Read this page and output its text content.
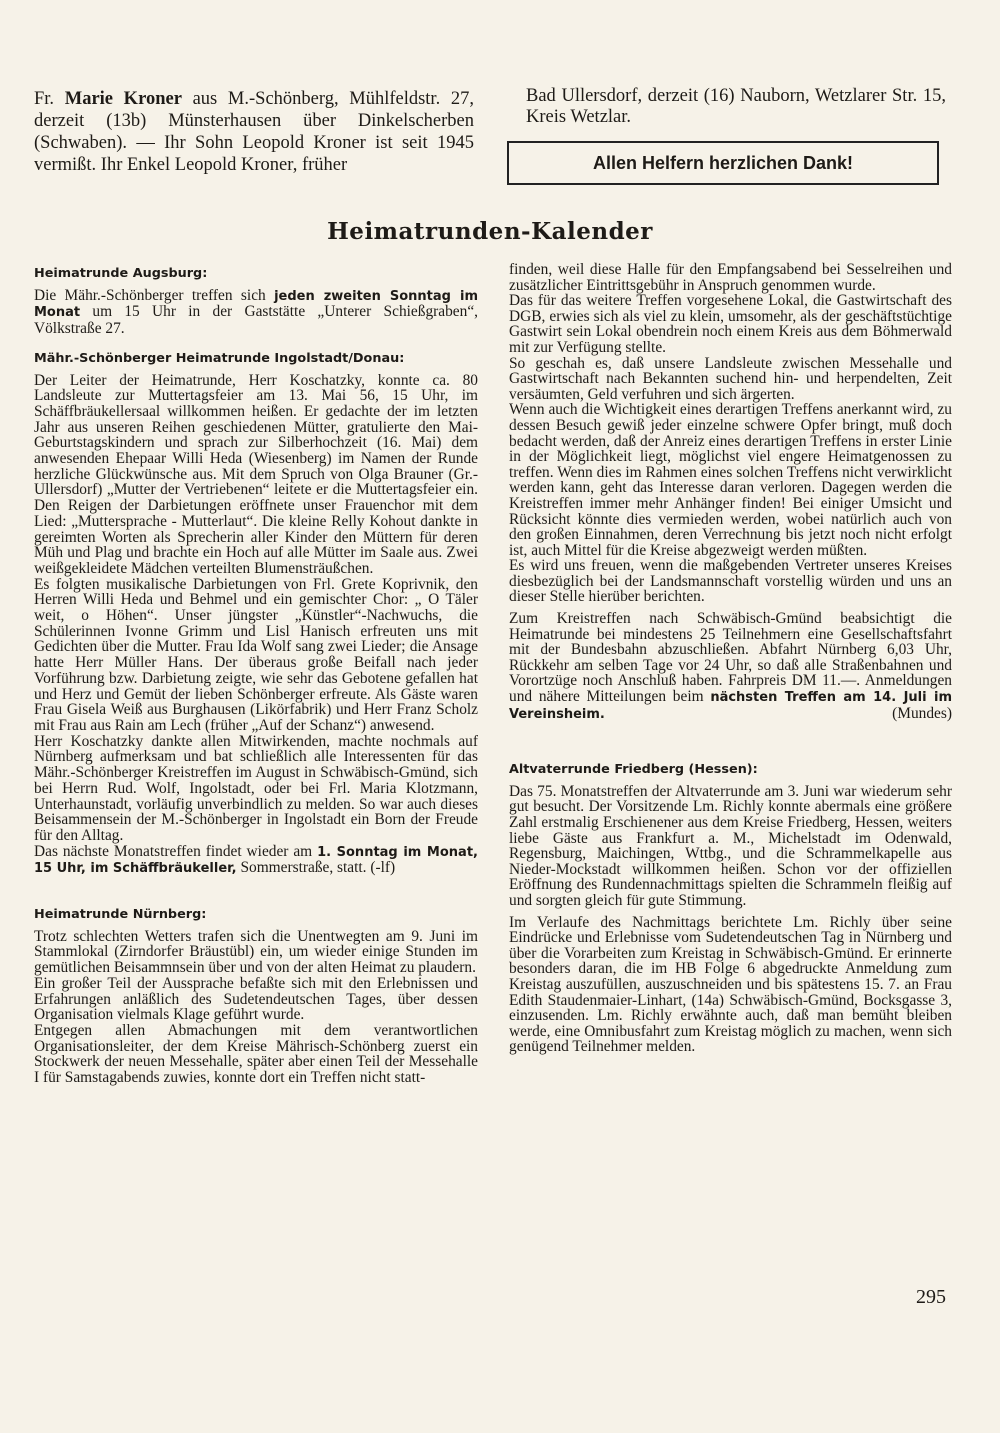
Fr. Marie Kroner aus M.-Schönberg, Mühlfeldstr. 27, derzeit (13b) Münsterhausen über Dinkelscherben (Schwaben). — Ihr Sohn Leopold Kroner ist seit 1945 vermißt. Ihr Enkel Leopold Kroner, früher

Bad Ullersdorf, derzeit (16) Nauborn, Wetzlarer Str. 15, Kreis Wetzlar.

Allen Helfern herzlichen Dank!
Heimatrunden-Kalender
Heimatrunde Augsburg:

Die Mähr.-Schönberger treffen sich jeden zweiten Sonntag im Monat um 15 Uhr in der Gaststätte „Unterer Schießgraben“, Völkstraße 27.

Mähr.-Schönberger Heimatrunde Ingolstadt/Donau:

Der Leiter der Heimatrunde, Herr Koschatzky, konnte ca. 80 Landsleute zur Muttertagsfeier am 13. Mai 56, 15 Uhr, im Schäffbräukellersaal willkommen heißen. Er gedachte der im letzten Jahr aus unseren Reihen geschiedenen Mütter, gratulierte den Mai-Geburtstagskindern und sprach zur Silberhochzeit (16. Mai) dem anwesenden Ehepaar Willi Heda (Wiesenberg) im Namen der Runde herzliche Glückwünsche aus. Mit dem Spruch von Olga Brauner (Gr.-Ullersdorf) „Mutter der Vertriebenen“ leitete er die Muttertagsfeier ein. Den Reigen der Darbietungen eröffnete unser Frauenchor mit dem Lied: „Muttersprache - Mutterlaut“. Die kleine Relly Kohout dankte in gereimten Worten als Sprecherin aller Kinder den Müttern für deren Müh und Plag und brachte ein Hoch auf alle Mütter im Saale aus. Zwei weißgekleidete Mädchen verteilten Blumensträußchen.

Es folgten musikalische Darbietungen von Frl. Grete Koprivnik, den Herren Willi Heda und Behmel und ein gemischter Chor: „ O Täler weit, o Höhen“. Unser jüngster „Künstler“-Nachwuchs, die Schülerinnen Ivonne Grimm und Lisl Hanisch erfreuten uns mit Gedichten über die Mutter. Frau Ida Wolf sang zwei Lieder; die Ansage hatte Herr Müller Hans. Der überaus große Beifall nach jeder Vorführung bzw. Darbietung zeigte, wie sehr das Gebotene gefallen hat und Herz und Gemüt der lieben Schönberger erfreute. Als Gäste waren Frau Gisela Weiß aus Burghausen (Likörfabrik) und Herr Franz Scholz mit Frau aus Rain am Lech (früher „Auf der Schanz“) anwesend.

Herr Koschatzky dankte allen Mitwirkenden, machte nochmals auf Nürnberg aufmerksam und bat schließlich alle Interessenten für das Mähr.-Schönberger Kreistreffen im August in Schwäbisch-Gmünd, sich bei Herrn Rud. Wolf, Ingolstadt, oder bei Frl. Maria Klotzmann, Unterhaunstadt, vorläufig unverbindlich zu melden. So war auch dieses Beisammensein der M.-Schönberger in Ingolstadt ein Born der Freude für den Alltag.

Das nächste Monatstreffen findet wieder am 1. Sonntag im Monat, 15 Uhr, im Schäffbräukeller, Sommerstraße, statt. (-lf)

Heimatrunde Nürnberg:

Trotz schlechten Wetters trafen sich die Unentwegten am 9. Juni im Stammlokal (Zirndorfer Bräustübl) ein, um wieder einige Stunden im gemütlichen Beisammnsein über und von der alten Heimat zu plaudern.

Ein großer Teil der Aussprache befaßte sich mit den Erlebnissen und Erfahrungen anläßlich des Sudetendeutschen Tages, über dessen Organisation vielmals Klage geführt wurde.

Entgegen allen Abmachungen mit dem verantwortlichen Organisationsleiter, der dem Kreise Mährisch-Schönberg zuerst ein Stockwerk der neuen Messehalle, später aber einen Teil der Messehalle I für Samstagabends zuwies, konnte dort ein Treffen nicht statt-

finden, weil diese Halle für den Empfangsabend bei Sesselreihen und zusätzlicher Eintrittsgebühr in Anspruch genommen wurde.

Das für das weitere Treffen vorgesehene Lokal, die Gastwirtschaft des DGB, erwies sich als viel zu klein, umsomehr, als der geschäftstüchtige Gastwirt sein Lokal obendrein noch einem Kreis aus dem Böhmerwald mit zur Verfügung stellte.

So geschah es, daß unsere Landsleute zwischen Messehalle und Gastwirtschaft nach Bekannten suchend hin- und herpendelten, Zeit versäumten, Geld verfuhren und sich ärgerten.

Wenn auch die Wichtigkeit eines derartigen Treffens anerkannt wird, zu dessen Besuch gewiß jeder einzelne schwere Opfer bringt, muß doch bedacht werden, daß der Anreiz eines derartigen Treffens in erster Linie in der Möglichkeit liegt, möglichst viel engere Heimatgenossen zu treffen. Wenn dies im Rahmen eines solchen Treffens nicht verwirklicht werden kann, geht das Interesse daran verloren. Dagegen werden die Kreistreffen immer mehr Anhänger finden! Bei einiger Umsicht und Rücksicht könnte dies vermieden werden, wobei natürlich auch von den großen Einnahmen, deren Verrechnung bis jetzt noch nicht erfolgt ist, auch Mittel für die Kreise abgezweigt werden müßten.

Es wird uns freuen, wenn die maßgebenden Vertreter unseres Kreises diesbezüglich bei der Landsmannschaft vorstellig würden und uns an dieser Stelle hierüber berichten.

Zum Kreistreffen nach Schwäbisch-Gmünd beabsichtigt die Heimatrunde bei mindestens 25 Teilnehmern eine Gesellschaftsfahrt mit der Bundesbahn abzuschließen. Abfahrt Nürnberg 6,03 Uhr, Rückkehr am selben Tage vor 24 Uhr, so daß alle Straßenbahnen und Vorortzüge noch Anschluß haben. Fahrpreis DM 11.—. Anmeldungen und nähere Mitteilungen beim nächsten Treffen am 14. Juli im Vereinsheim.	(Mundes)

Altvaterrunde Friedberg (Hessen):

Das 75. Monatstreffen der Altvaterrunde am 3. Juni war wiederum sehr gut besucht. Der Vorsitzende Lm. Richly konnte abermals eine größere Zahl erstmalig Erschienener aus dem Kreise Friedberg, Hessen, weiters liebe Gäste aus Frankfurt a. M., Michelstadt im Odenwald, Regensburg, Maichingen, Wttbg., und die Schrammelkapelle aus Nieder-Mockstadt willkommen heißen. Schon vor der offiziellen Eröffnung des Rundennachmittags spielten die Schrammeln fleißig auf und sorgten gleich für gute Stimmung.

Im Verlaufe des Nachmittags berichtete Lm. Richly über seine Eindrücke und Erlebnisse vom Sudetendeutschen Tag in Nürnberg und über die Vorarbeiten zum Kreistag in Schwäbisch-Gmünd. Er erinnerte besonders daran, die im HB Folge 6 abgedruckte Anmeldung zum Kreistag auszufüllen, auszuschneiden und bis spätestens 15. 7. an Frau Edith Staudenmaier-Linhart, (14a) Schwäbisch-Gmünd, Bocksgasse 3, einzusenden. Lm. Richly erwähnte auch, daß man bemüht bleiben werde, eine Omnibusfahrt zum Kreistag möglich zu machen, wenn sich genügend Teilnehmer melden.

295
